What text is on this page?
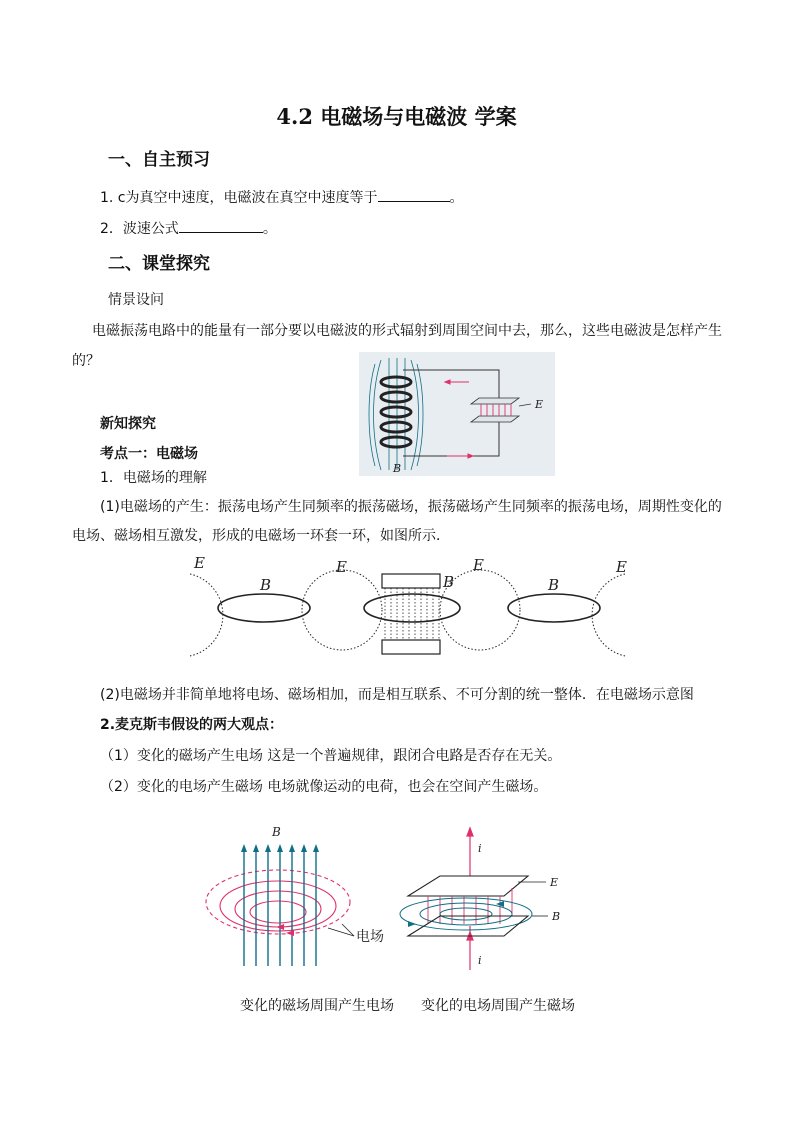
4.2 电磁场与电磁波 学案
一、自主预习
1. c为真空中速度，电磁波在真空中速度等于	。
2．波速公式	。
二、课堂探究
情景设问
电磁振荡电路中的能量有一部分要以电磁波的形式辐射到周围空间中去，那么，这些电磁波是怎样产生
的？
E
B
新知探究
考点一：电磁场
1．电磁场的理解
(1)电磁场的产生：振荡电场产生同频率的振荡磁场，振荡磁场产生同频率的振荡电场，周期性变化的
电场、磁场相互激发，形成的电磁场一环套一环，如图所示．
E
B
E
B
E
B
E
(2)电磁场并非简单地将电场、磁场相加，而是相互联系、不可分割的统一整体．在电磁场示意图
2.麦克斯韦假设的两大观点：
（1）变化的磁场产生电场 这是一个普遍规律，跟闭合电路是否存在无关。
（2）变化的电场产生磁场 电场就像运动的电荷，也会在空间产生磁场。
B
电场
i
E
B
i
变化的磁场周围产生电场 变化的电场周围产生磁场
